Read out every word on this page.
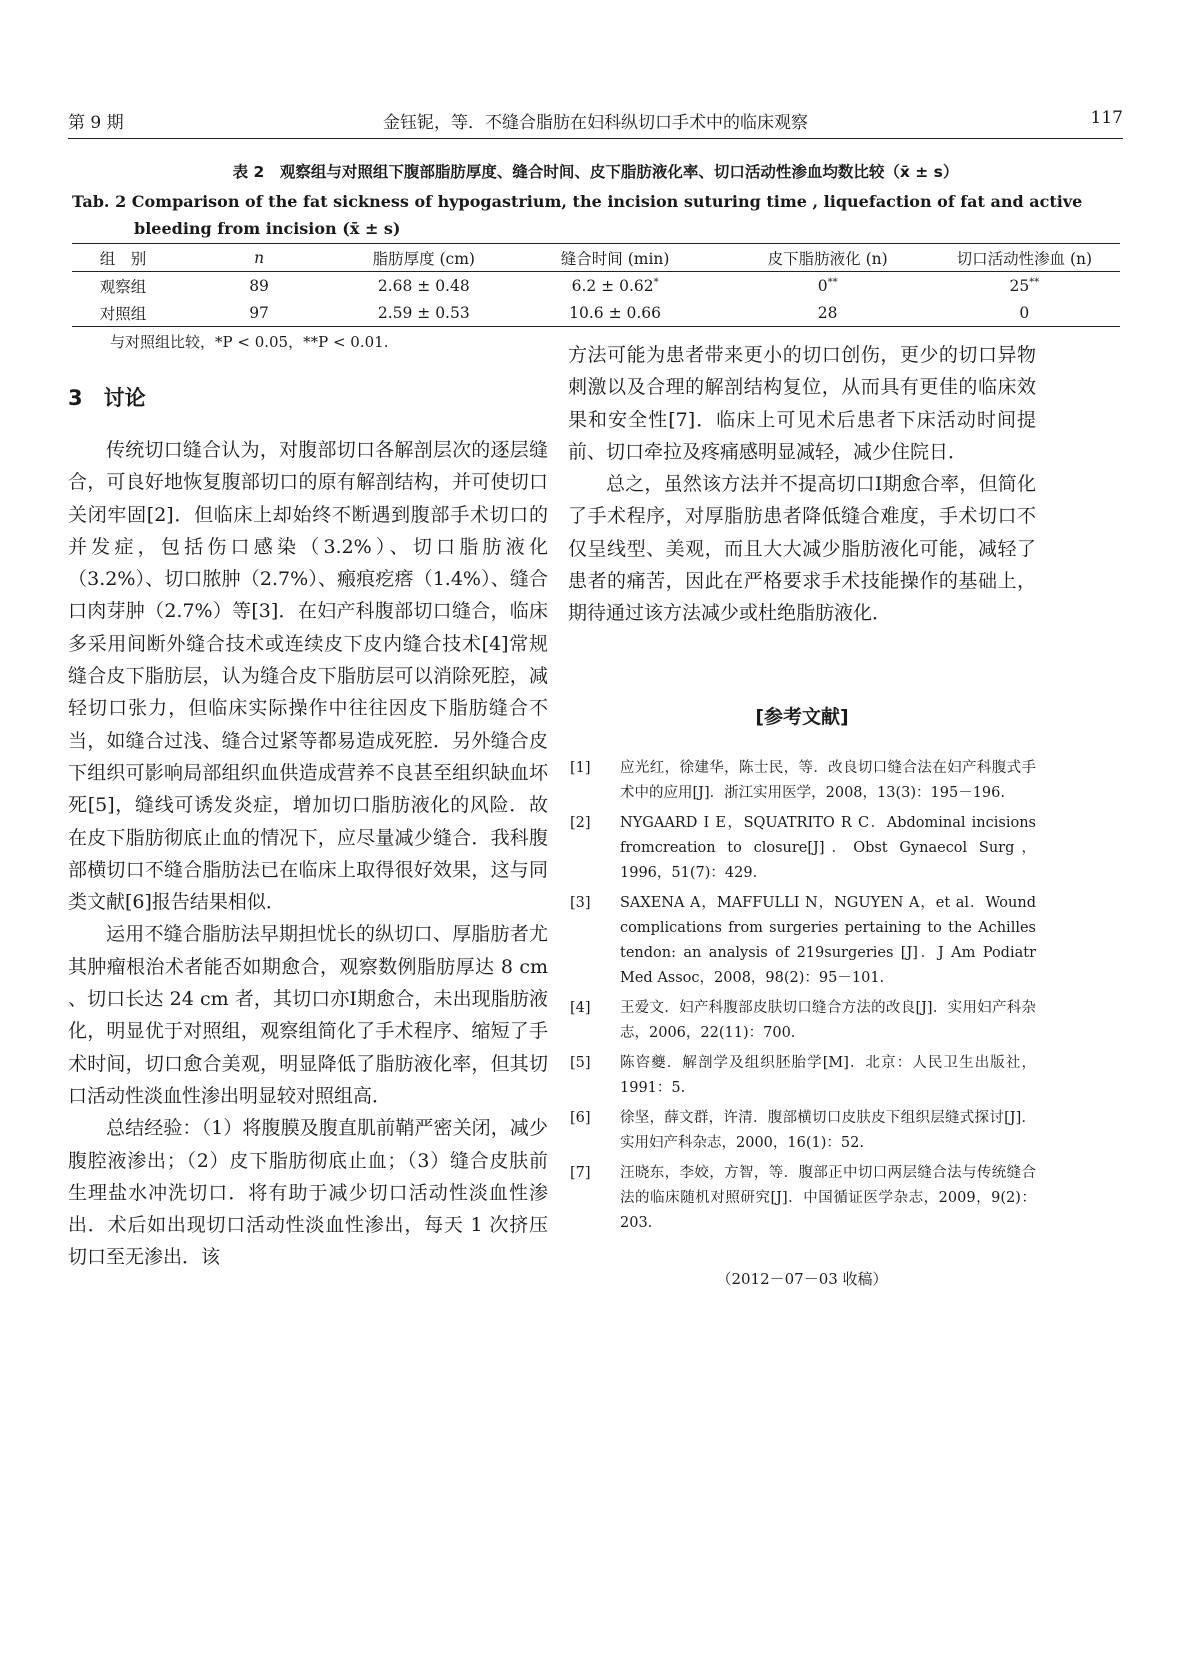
第 9 期	金钰铌，等．不缝合脂肪在妇科纵切口手术中的临床观察	117
表 2　观察组与对照组下腹部脂肪厚度、缝合时间、皮下脂肪液化率、切口活动性渗血均数比较（x̄ ± s）
Tab. 2 Comparison of the fat sickness of hypogastrium, the incision suturing time , liquefaction of fat and active
bleeding from incision (x̄ ± s)
组　别	n	脂肪厚度 (cm)	缝合时间 (min)	皮下脂肪液化 (n)	切口活动性渗血 (n)
观察组	89	2.68 ± 0.48	6.2 ± 0.62*	0**	25**
对照组	97	2.59 ± 0.53	10.6 ± 0.66	28	0
与对照组比较，*P < 0.05，**P < 0.01.
3　讨论

传统切口缝合认为，对腹部切口各解剖层次的逐层缝合，可良好地恢复腹部切口的原有解剖结构，并可使切口关闭牢固[2]．但临床上却始终不断遇到腹部手术切口的并发症，包括伤口感染（3.2%）、切口脂肪液化（3.2%）、切口脓肿（2.7%）、瘢痕疙瘩（1.4%）、缝合口肉芽肿（2.7%）等[3]．在妇产科腹部切口缝合，临床多采用间断外缝合技术或连续皮下皮内缝合技术[4]常规缝合皮下脂肪层，认为缝合皮下脂肪层可以消除死腔，减轻切口张力，但临床实际操作中往往因皮下脂肪缝合不当，如缝合过浅、缝合过紧等都易造成死腔．另外缝合皮下组织可影响局部组织血供造成营养不良甚至组织缺血坏死[5]，缝线可诱发炎症，增加切口脂肪液化的风险．故在皮下脂肪彻底止血的情况下，应尽量减少缝合．我科腹部横切口不缝合脂肪法已在临床上取得很好效果，这与同类文献[6]报告结果相似．

运用不缝合脂肪法早期担忧长的纵切口、厚脂肪者尤其肿瘤根治术者能否如期愈合，观察数例脂肪厚达 8 cm 、切口长达 24 cm 者，其切口亦Ⅰ期愈合，未出现脂肪液化，明显优于对照组，观察组简化了手术程序、缩短了手术时间，切口愈合美观，明显降低了脂肪液化率，但其切口活动性淡血性渗出明显较对照组高．

总结经验：（1）将腹膜及腹直肌前鞘严密关闭，减少腹腔液渗出；（2）皮下脂肪彻底止血；（3）缝合皮肤前生理盐水冲洗切口．将有助于减少切口活动性淡血性渗出．术后如出现切口活动性淡血性渗出，每天 1 次挤压切口至无渗出．该

方法可能为患者带来更小的切口创伤，更少的切口异物刺激以及合理的解剖结构复位，从而具有更佳的临床效果和安全性[7]．临床上可见术后患者下床活动时间提前、切口牵拉及疼痛感明显减轻，减少住院日．

总之，虽然该方法并不提高切口Ⅰ期愈合率，但简化了手术程序，对厚脂肪患者降低缝合难度，手术切口不仅呈线型、美观，而且大大减少脂肪液化可能，减轻了患者的痛苦，因此在严格要求手术技能操作的基础上，期待通过该方法减少或杜绝脂肪液化．

[参考文献]
[1] 应光红，徐建华，陈士民，等．改良切口缝合法在妇产科腹式手术中的应用[J]．浙江实用医学，2008，13(3)：195－196.
[2] NYGAARD I E，SQUATRITO R C．Abdominal incisions fromcreation to closure[J]．Obst Gynaecol Surg，1996，51(7)：429.
[3] SAXENA A，MAFFULLI N，NGUYEN A，et al．Wound complications from surgeries pertaining to the Achilles tendon: an analysis of 219surgeries [J]．J Am Podiatr Med Assoc，2008，98(2)：95－101.
[4] 王爱文．妇产科腹部皮肤切口缝合方法的改良[J]．实用妇产科杂志，2006，22(11)：700.
[5] 陈咨夔．解剖学及组织胚胎学[M]．北京：人民卫生出版社，1991：5.
[6] 徐坚，薛文群，许清．腹部横切口皮肤皮下组织层缝式探讨[J]．实用妇产科杂志，2000，16(1)：52.
[7] 汪晓东，李姣，方智，等．腹部正中切口两层缝合法与传统缝合法的临床随机对照研究[J]．中国循证医学杂志，2009，9(2)：203.
（2012－07－03 收稿）
